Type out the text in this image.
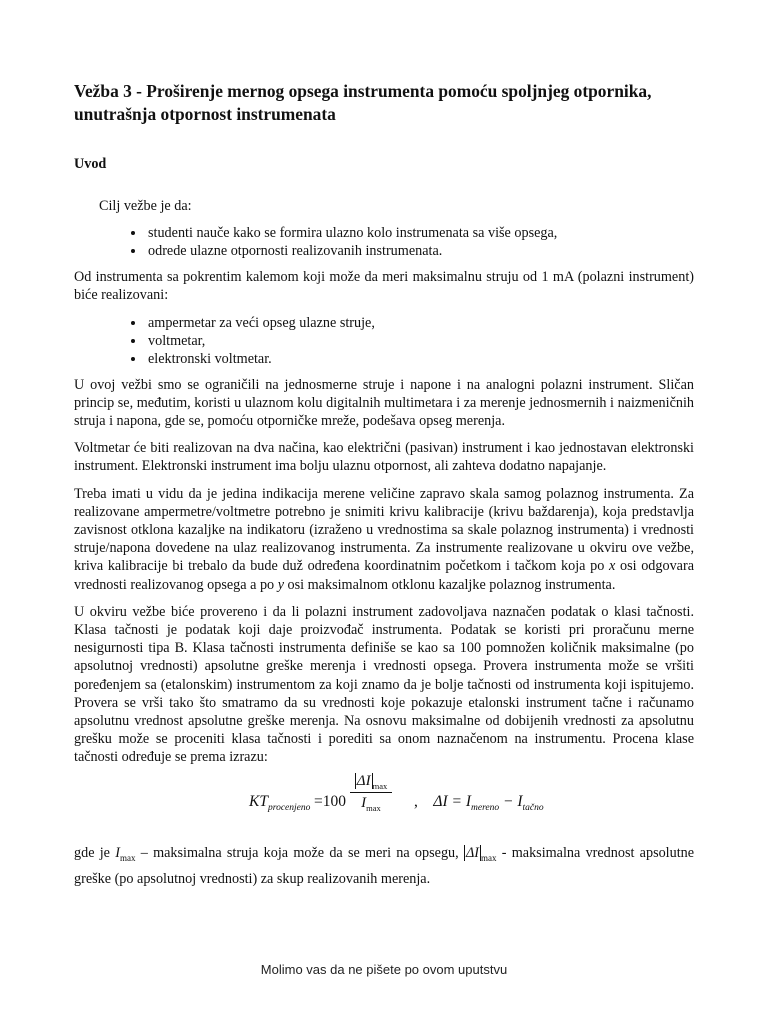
Vežba 3 - Proširenje mernog opsega instrumenta pomoću spoljnjeg otpornika, unutrašnja otpornost instrumenata
Uvod

Cilj vežbe je da:

• studenti nauče kako se formira ulazno kolo instrumenata sa više opsega,
• odrede ulazne otpornosti realizovanih instrumenata.

Od instrumenta sa pokrentim kalemom koji može da meri maksimalnu struju od 1 mA (polazni instrument) biće realizovani:

• ampermetar za veći opseg ulazne struje,
• voltmetar,
• elektronski voltmetar.

U ovoj vežbi smo se ograničili na jednosmerne struje i napone i na analogni polazni instrument. Sličan princip se, međutim, koristi u ulaznom kolu digitalnih multimetara i za merenje jednosmernih i naizmeničnih struja i napona, gde se, pomoću otporničke mreže, podešava opseg merenja.

Voltmetar će biti realizovan na dva načina, kao električni (pasivan) instrument i kao jednostavan elektronski instrument. Elektronski instrument ima bolju ulaznu otpornost, ali zahteva dodatno napajanje.

Treba imati u vidu da je jedina indikacija merene veličine zapravo skala samog polaznog instrumenta. Za realizovane ampermetre/voltmetre potrebno je snimiti krivu kalibracije (krivu baždarenja), koja predstavlja zavisnost otklona kazaljke na indikatoru (izraženo u vrednostima sa skale polaznog instrumenta) i vrednosti struje/napona dovedene na ulaz realizovanog instrumenta. Za instrumente realizovane u okviru ove vežbe, kriva kalibracije bi trebalo da bude duž određena koordinatnim početkom i tačkom koja po x osi odgovara vrednosti realizovanog opsega a po y osi maksimalnom otklonu kazaljke polaznog instrumenta.

U okviru vežbe biće provereno i da li polazni instrument zadovoljava naznačen podatak o klasi tačnosti. Klasa tačnosti je podatak koji daje proizvođač instrumenta. Podatak se koristi pri proračunu merne nesigurnosti tipa B. Klasa tačnosti instrumenta definiše se kao sa 100 pomnožen količnik maksimalne (po apsolutnoj vrednosti) apsolutne greške merenja i vrednosti opsega. Provera instrumenta može se vršiti poređenjem sa (etalonskim) instrumentom za koji znamo da je bolje tačnosti od instrumenta koji ispitujemo. Provera se vrši tako što smatramo da su vrednosti koje pokazuje etalonski instrument tačne i računamo apsolutnu vrednost apsolutne greške merenja. Na osnovu maksimalne od dobijenih vrednosti za apsolutnu grešku može se proceniti klasa tačnosti i porediti sa onom naznačenom na instrumentu. Procena klase tačnosti određuje se prema izrazu:

$KT_{procenjeno} =100$
ΔI $_{max}$
$I_{max}$	, $\Delta I = I_{mereno} - I_{tačno}$

gde je $I_{max}$ – maksimalna struja koja može da se meri na opsegu, ΔI $_{max}$ - maksimalna vrednost apsolutne greške (po apsolutnoj vrednosti) za skup realizovanih merenja.

Molimo vas da ne pišete po ovom uputstvu
